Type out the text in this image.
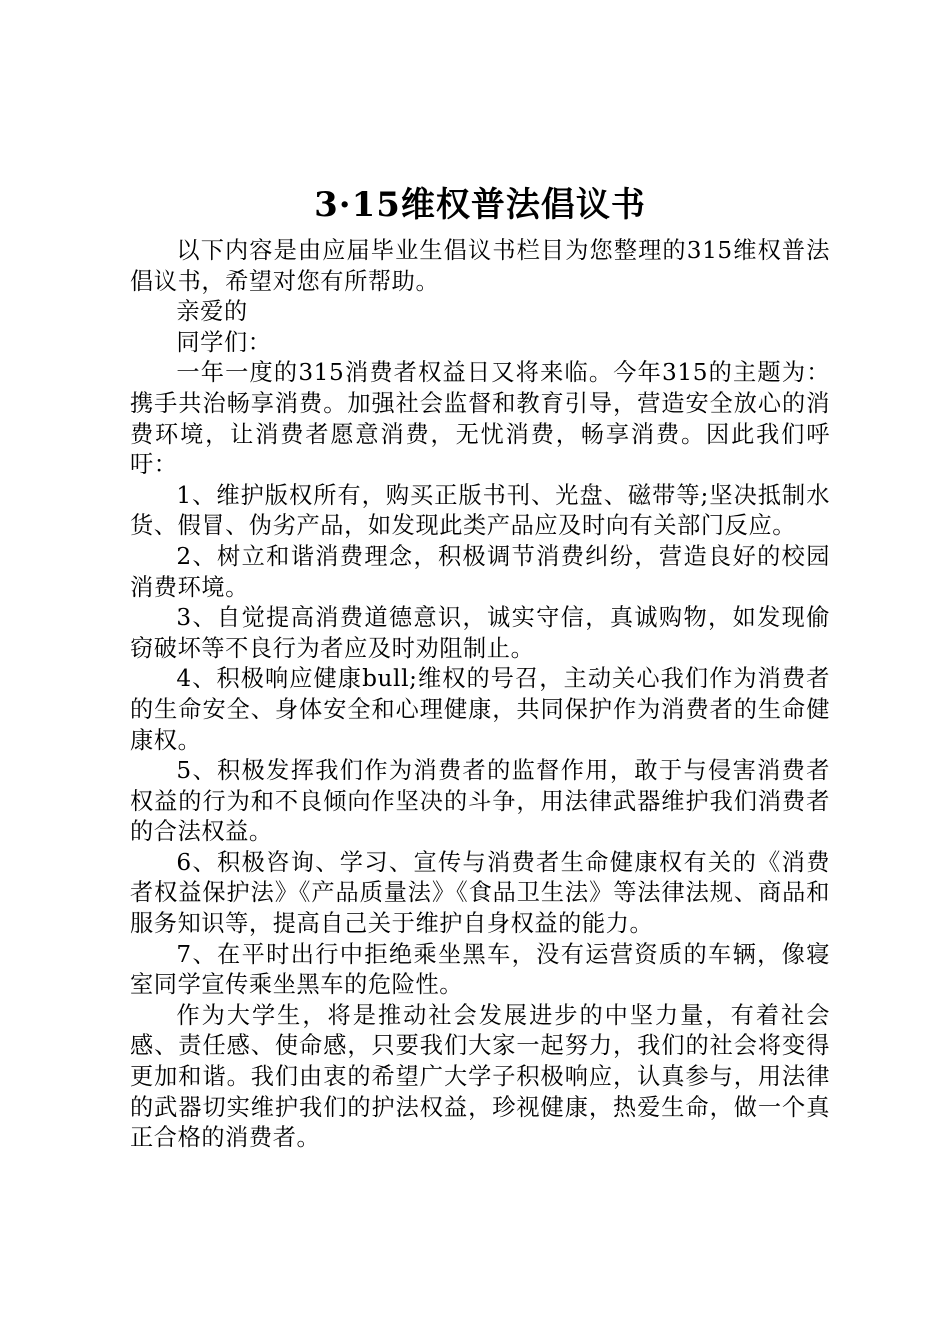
3·15维权普法倡议书

以下内容是由应届毕业生倡议书栏目为您整理的315维权普法倡议书，希望对您有所帮助。

亲爱的

同学们：

一年一度的315消费者权益日又将来临。今年315的主题为：携手共治畅享消费。加强社会监督和教育引导，营造安全放心的消费环境，让消费者愿意消费，无忧消费，畅享消费。因此我们呼吁：

1、维护版权所有，购买正版书刊、光盘、磁带等;坚决抵制水货、假冒、伪劣产品，如发现此类产品应及时向有关部门反应。

2、树立和谐消费理念，积极调节消费纠纷，营造良好的校园消费环境。

3、自觉提高消费道德意识，诚实守信，真诚购物，如发现偷窃破坏等不良行为者应及时劝阻制止。

4、积极响应健康bull;维权的号召，主动关心我们作为消费者的生命安全、身体安全和心理健康，共同保护作为消费者的生命健康权。

5、积极发挥我们作为消费者的监督作用，敢于与侵害消费者权益的行为和不良倾向作坚决的斗争，用法律武器维护我们消费者的合法权益。

6、积极咨询、学习、宣传与消费者生命健康权有关的《消费者权益保护法》《产品质量法》《食品卫生法》等法律法规、商品和服务知识等，提高自己关于维护自身权益的能力。

7、在平时出行中拒绝乘坐黑车，没有运营资质的车辆，像寝室同学宣传乘坐黑车的危险性。

作为大学生，将是推动社会发展进步的中坚力量，有着社会感、责任感、使命感，只要我们大家一起努力，我们的社会将变得更加和谐。我们由衷的希望广大学子积极响应，认真参与，用法律的武器切实维护我们的护法权益，珍视健康，热爱生命，做一个真正合格的消费者。
